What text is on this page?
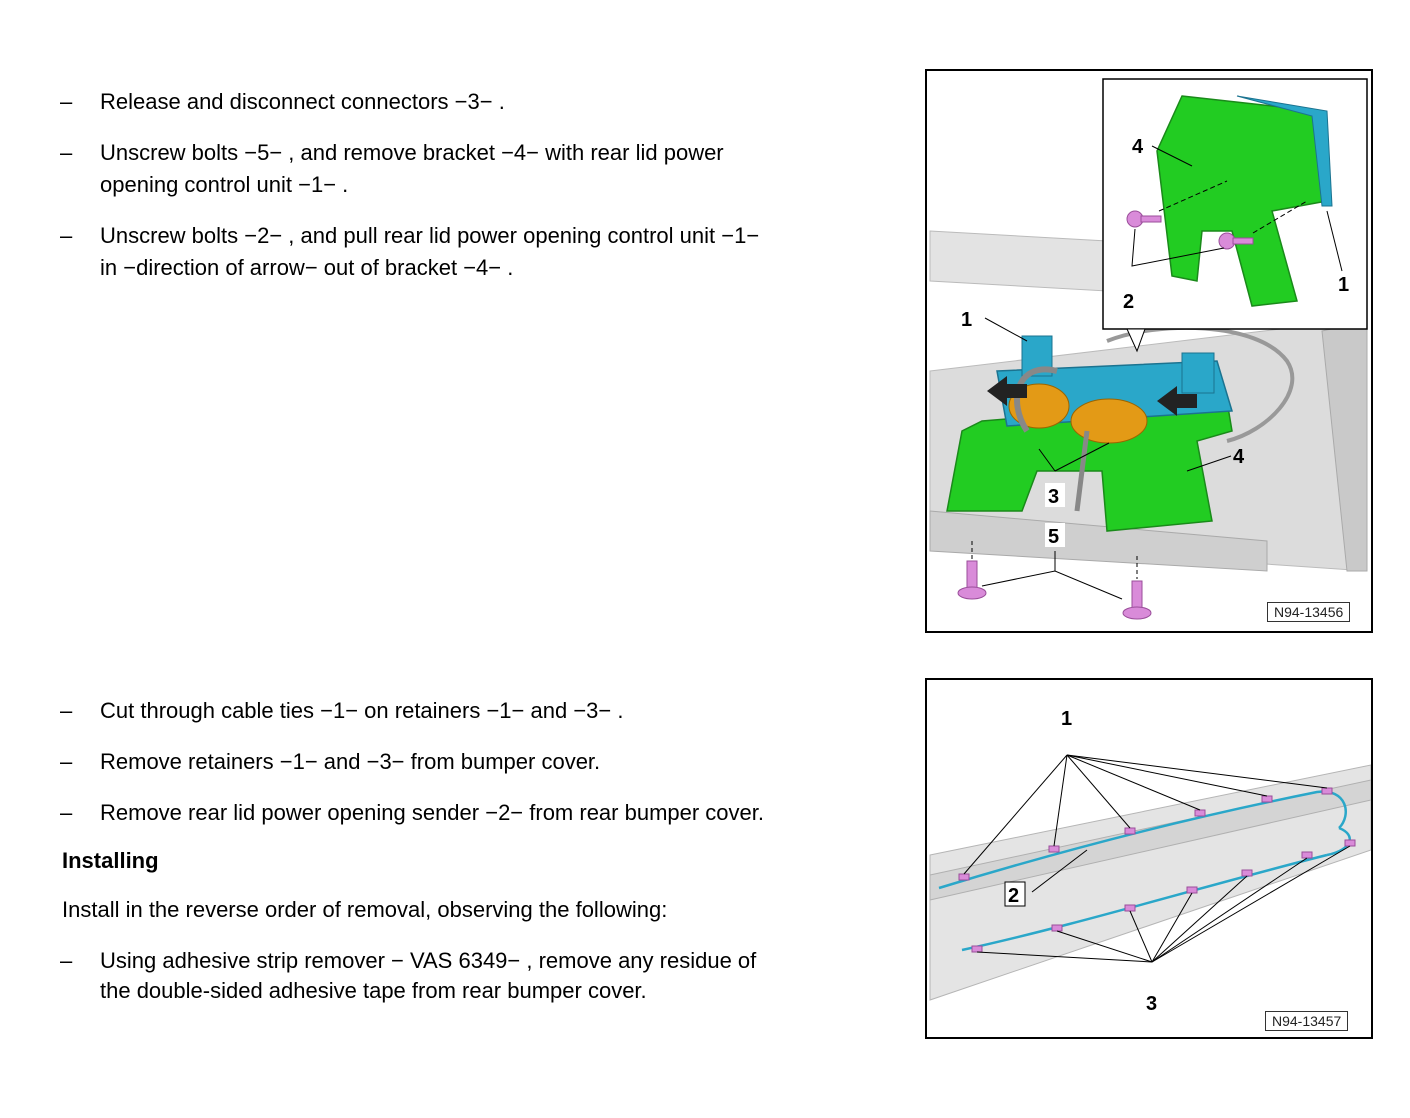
– Release and disconnect connectors −3− .
– Unscrew bolts −5− , and remove bracket −4− with rear lid power
opening control unit −1− .
– Unscrew bolts −2− , and pull rear lid power opening control unit −1−
in −direction of arrow− out of bracket −4− .
– Cut through cable ties −1− on retainers −1− and −3− .
– Remove retainers −1− and −3− from bumper cover.
– Remove rear lid power opening sender −2− from rear bumper cover.
Installing
Install in the reverse order of removal, observing the following:
– Using adhesive strip remover − VAS 6349− , remove any residue of
the double-sided adhesive tape from rear bumper cover.
4
2
1
1
4
3
5
N94-13456
1
2
3
N94-13457
